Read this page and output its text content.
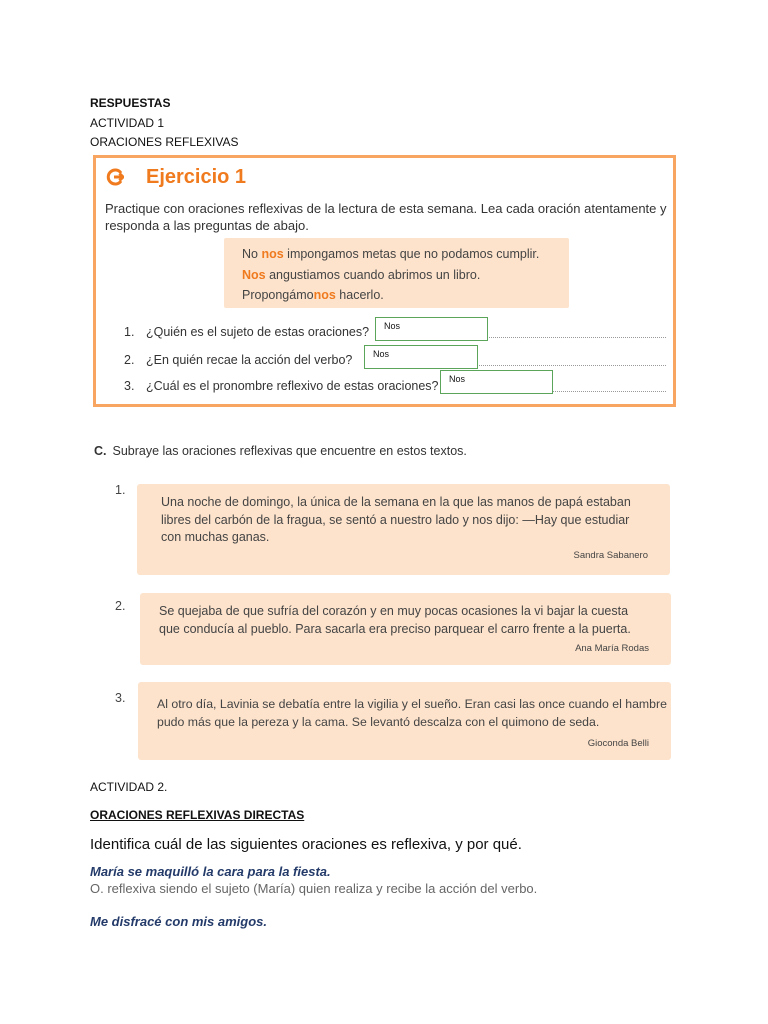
RESPUESTAS
ACTIVIDAD 1
ORACIONES REFLEXIVAS
Ejercicio 1
Practique con oraciones reflexivas de la lectura de esta semana. Lea cada oración atentamente y responda a las preguntas de abajo.
No nos impongamos metas que no podamos cumplir.
Nos angustiamos cuando abrimos un libro.
Propongámonos hacerlo.
1. ¿Quién es el sujeto de estas oraciones?	Nos
2. ¿En quién recae la acción del verbo?	Nos
3. ¿Cuál es el pronombre reflexivo de estas oraciones?	Nos
C. Subraye las oraciones reflexivas que encuentre en estos textos.
1.
Una noche de domingo, la única de la semana en la que las manos de papá estaban
libres del carbón de la fragua, se sentó a nuestro lado y nos dijo: —Hay que estudiar
con muchas ganas.
Sandra Sabanero
2.	Se quejaba de que sufría del corazón y en muy pocas ocasiones la vi bajar la cuesta
que conducía al pueblo. Para sacarla era preciso parquear el carro frente a la puerta.
Ana María Rodas
3.	Al otro día, Lavinia se debatía entre la vigilia y el sueño. Eran casi las once cuando el hambre
pudo más que la pereza y la cama. Se levantó descalza con el quimono de seda.
Gioconda Belli
ACTIVIDAD 2.
ORACIONES REFLEXIVAS DIRECTAS
Identifica cuál de las siguientes oraciones es reflexiva, y por qué.
María se maquilló la cara para la fiesta.
O. reflexiva siendo el sujeto (María) quien realiza y recibe la acción del verbo.
Me disfracé con mis amigos.
